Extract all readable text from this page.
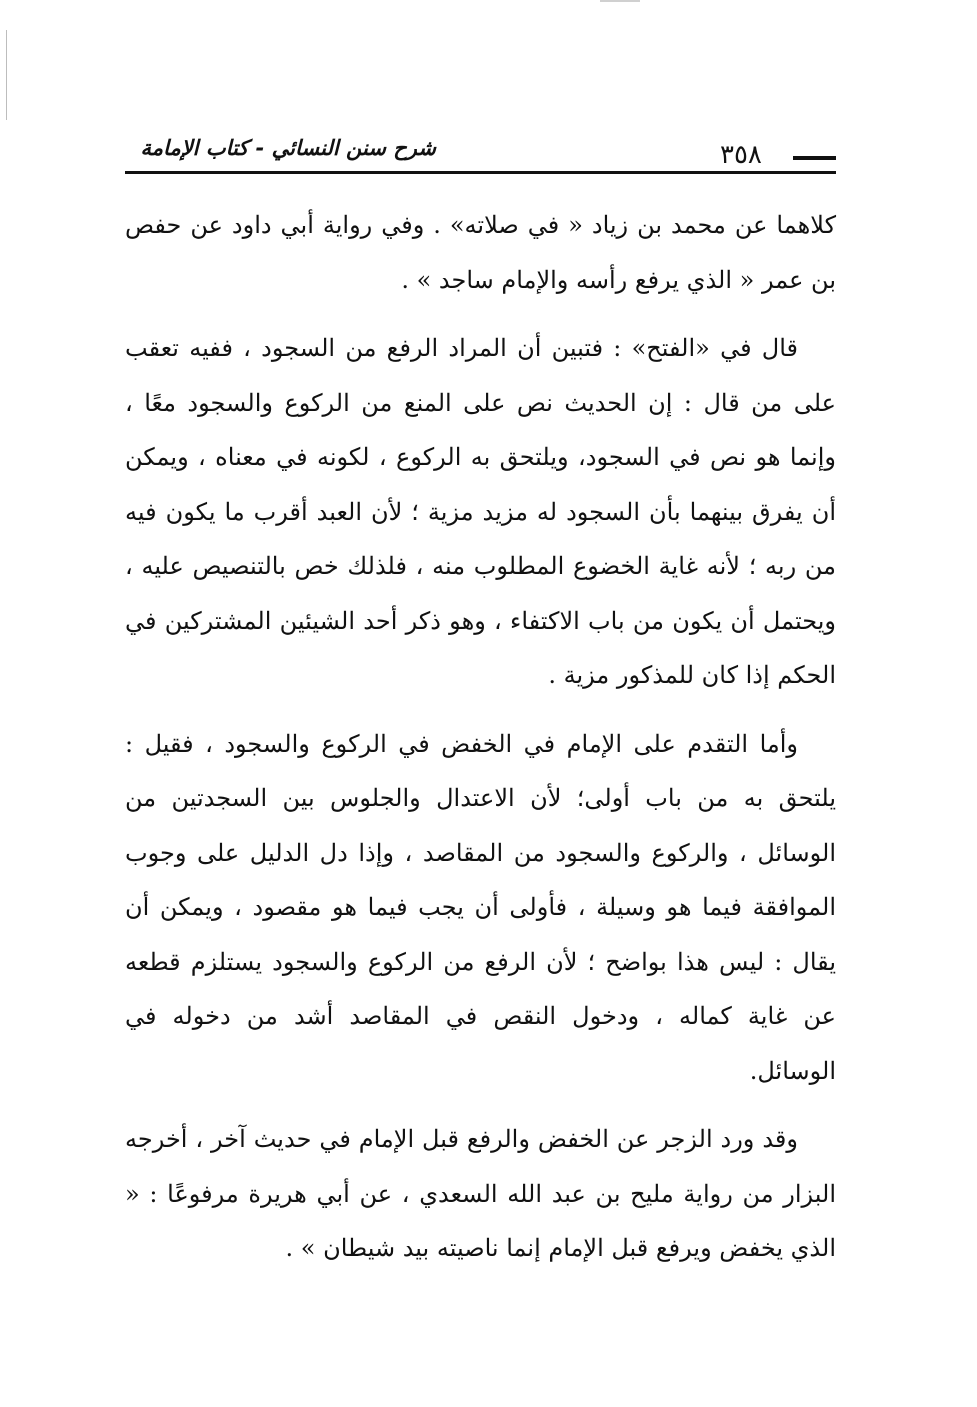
شرح سنن النسائي - كتاب الإمامة	٣٥٨

كلاهما عن محمد بن زياد « في صلاته» . وفي رواية أبي داود عن حفص بن عمر « الذي يرفع رأسه والإمام ساجد » .

قال في «الفتح» : فتبين أن المراد الرفع من السجود ، ففيه تعقب على من قال : إن الحديث نص على المنع من الركوع والسجود معًا ، وإنما هو نص في السجود، ويلتحق به الركوع ، لكونه في معناه ، ويمكن أن يفرق بينهما بأن السجود له مزيد مزية ؛ لأن العبد أقرب ما يكون فيه من ربه ؛ لأنه غاية الخضوع المطلوب منه ، فلذلك خص بالتنصيص عليه ، ويحتمل أن يكون من باب الاكتفاء ، وهو ذكر أحد الشيئين المشتركين في الحكم إذا كان للمذكور مزية .

وأما التقدم على الإمام في الخفض في الركوع والسجود ، فقيل : يلتحق به من باب أولى؛ لأن الاعتدال والجلوس بين السجدتين من الوسائل ، والركوع والسجود من المقاصد ، وإذا دل الدليل على وجوب الموافقة فيما هو وسيلة ، فأولى أن يجب فيما هو مقصود ، ويمكن أن يقال : ليس هذا بواضح ؛ لأن الرفع من الركوع والسجود يستلزم قطعه عن غاية كماله ، ودخول النقص في المقاصد أشد من دخوله في الوسائل.

وقد ورد الزجر عن الخفض والرفع قبل الإمام في حديث آخر ، أخرجه البزار من رواية مليح بن عبد الله السعدي ، عن أبي هريرة مرفوعًا : « الذي يخفض ويرفع قبل الإمام إنما ناصيته بيد شيطان » .
